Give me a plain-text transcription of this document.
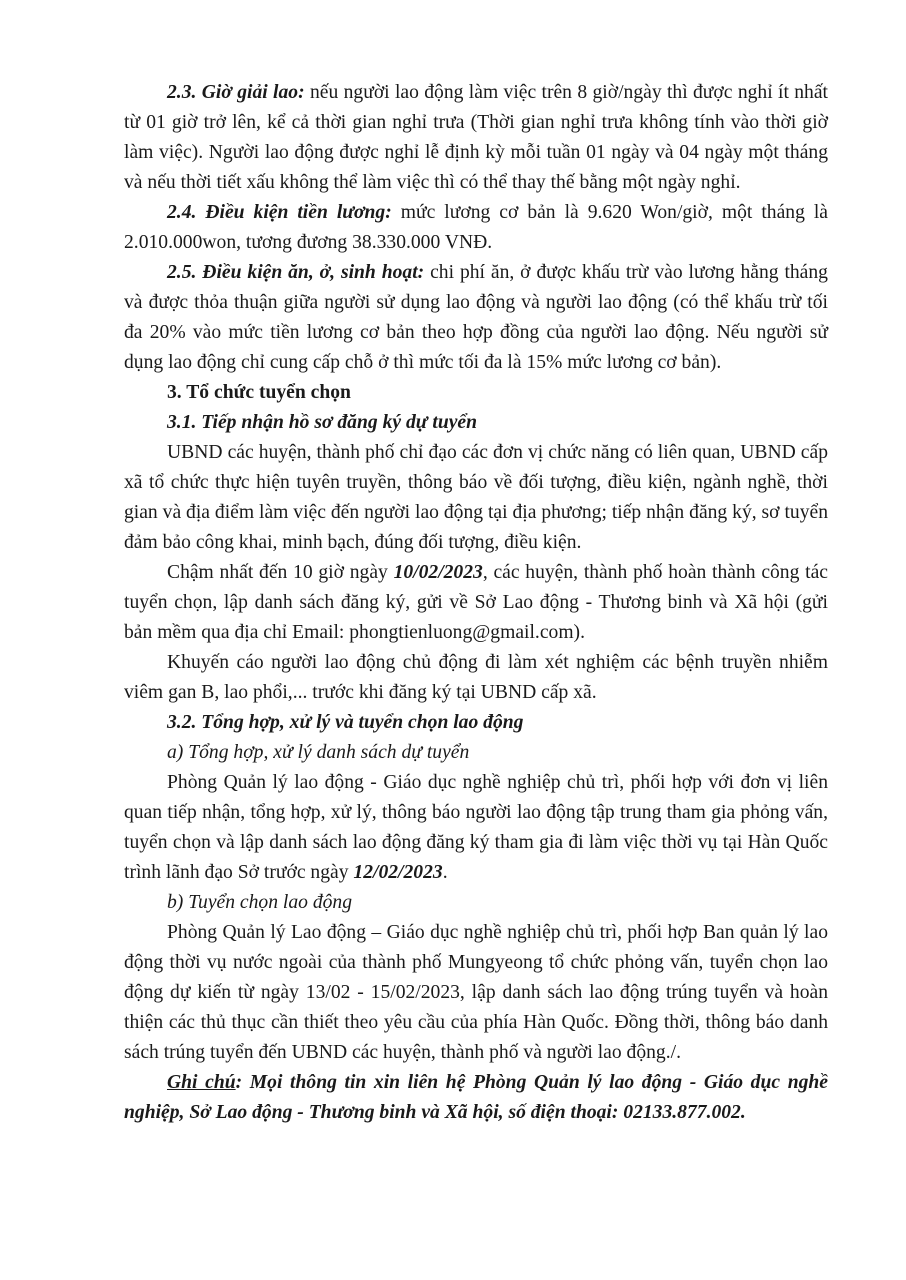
2.3. Giờ giải lao: nếu người lao động làm việc trên 8 giờ/ngày thì được nghỉ ít nhất từ 01 giờ trở lên, kể cả thời gian nghỉ trưa (Thời gian nghỉ trưa không tính vào thời giờ làm việc). Người lao động được nghỉ lễ định kỳ mỗi tuần 01 ngày và 04 ngày một tháng và nếu thời tiết xấu không thể làm việc thì có thể thay thế bằng một ngày nghỉ.

2.4. Điều kiện tiền lương: mức lương cơ bản là 9.620 Won/giờ, một tháng là 2.010.000won, tương đương 38.330.000 VNĐ.

2.5. Điều kiện ăn, ở, sinh hoạt: chi phí ăn, ở được khấu trừ vào lương hằng tháng và được thỏa thuận giữa người sử dụng lao động và người lao động (có thể khấu trừ tối đa 20% vào mức tiền lương cơ bản theo hợp đồng của người lao động. Nếu người sử dụng lao động chỉ cung cấp chỗ ở thì mức tối đa là 15% mức lương cơ bản).

3. Tổ chức tuyển chọn

3.1. Tiếp nhận hồ sơ đăng ký dự tuyển

UBND các huyện, thành phố chỉ đạo các đơn vị chức năng có liên quan, UBND cấp xã tổ chức thực hiện tuyên truyền, thông báo về đối tượng, điều kiện, ngành nghề, thời gian và địa điểm làm việc đến người lao động tại địa phương; tiếp nhận đăng ký, sơ tuyển đảm bảo công khai, minh bạch, đúng đối tượng, điều kiện.

Chậm nhất đến 10 giờ ngày 10/02/2023, các huyện, thành phố hoàn thành công tác tuyển chọn, lập danh sách đăng ký, gửi về Sở Lao động - Thương binh và Xã hội (gửi bản mềm qua địa chỉ Email: phongtienluong@gmail.com).

Khuyến cáo người lao động chủ động đi làm xét nghiệm các bệnh truyền nhiễm viêm gan B, lao phổi,... trước khi đăng ký tại UBND cấp xã.

3.2. Tổng hợp, xử lý và tuyển chọn lao động

a) Tổng hợp, xử lý danh sách dự tuyển

Phòng Quản lý lao động - Giáo dục nghề nghiệp chủ trì, phối hợp với đơn vị liên quan tiếp nhận, tổng hợp, xử lý, thông báo người lao động tập trung tham gia phỏng vấn, tuyển chọn và lập danh sách lao động đăng ký tham gia đi làm việc thời vụ tại Hàn Quốc trình lãnh đạo Sở trước ngày 12/02/2023.

b) Tuyển chọn lao động

Phòng Quản lý Lao động – Giáo dục nghề nghiệp chủ trì, phối hợp Ban quản lý lao động thời vụ nước ngoài của thành phố Mungyeong tổ chức phỏng vấn, tuyển chọn lao động dự kiến từ ngày 13/02 - 15/02/2023, lập danh sách lao động trúng tuyển và hoàn thiện các thủ thục cần thiết theo yêu cầu của phía Hàn Quốc. Đồng thời, thông báo danh sách trúng tuyển đến UBND các huyện, thành phố và người lao động./.

Ghi chú: Mọi thông tin xin liên hệ Phòng Quản lý lao động - Giáo dục nghề nghiệp, Sở Lao động - Thương binh và Xã hội, số điện thoại: 02133.877.002.
